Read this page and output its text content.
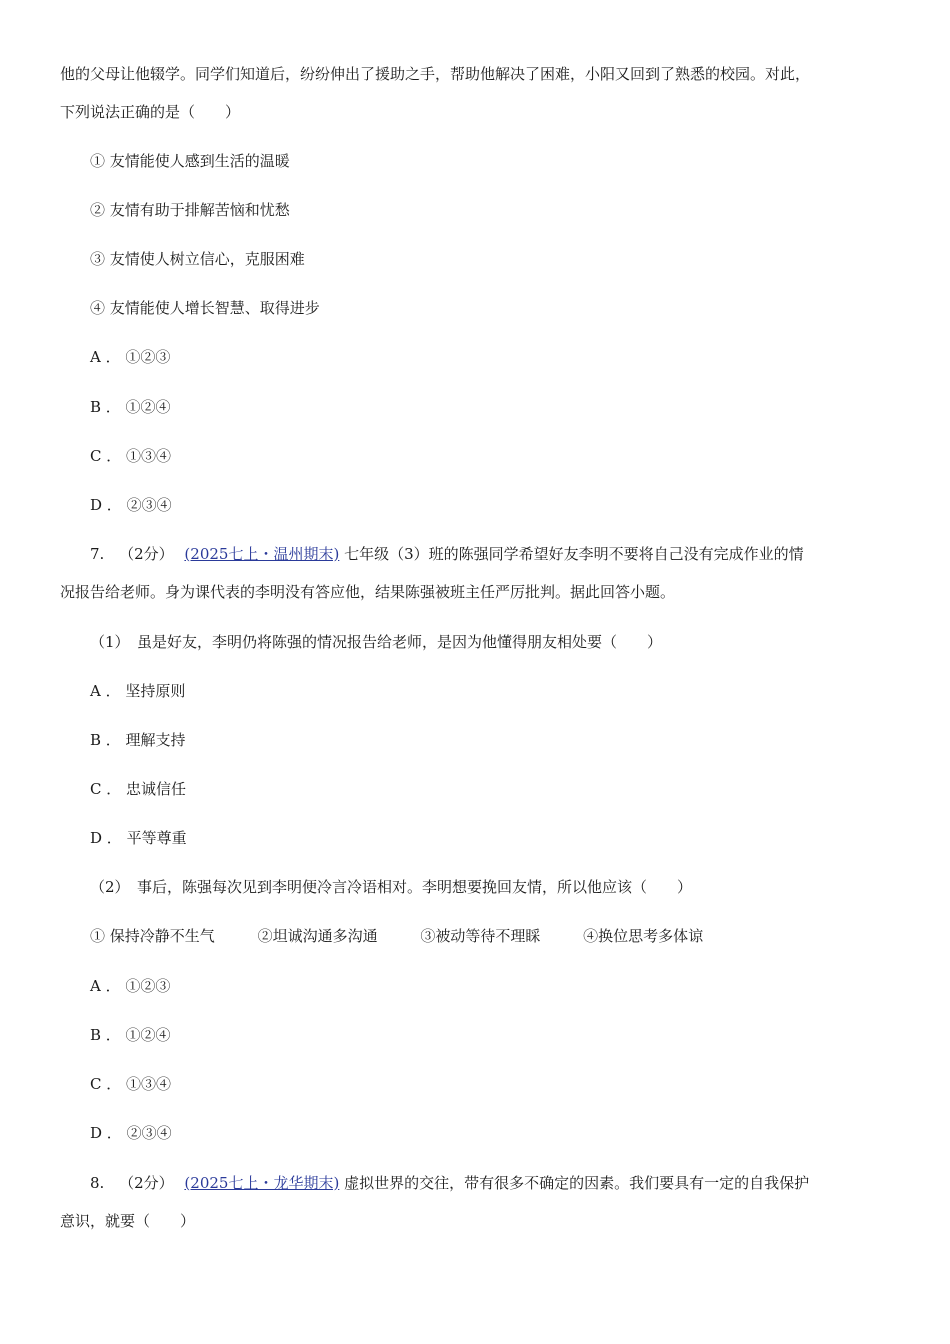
他的父母让他辍学。同学们知道后，纷纷伸出了援助之手，帮助他解决了困难，小阳又回到了熟悉的校园。对此，
下列说法正确的是（　　）
① 友情能使人感到生活的温暖
② 友情有助于排解苦恼和忧愁
③ 友情使人树立信心，克服困难
④ 友情能使人增长智慧、取得进步
A ． ①②③
B ． ①②④
C ． ①③④
D ． ②③④
7. （2分） (2025七上・温州期末) 七年级（3）班的陈强同学希望好友李明不要将自己没有完成作业的情
况报告给老师。身为课代表的李明没有答应他，结果陈强被班主任严厉批判。据此回答小题。
（1）　虽是好友，李明仍将陈强的情况报告给老师，是因为他懂得朋友相处要（　　）
A ． 坚持原则
B ． 理解支持
C ． 忠诚信任
D ． 平等尊重
（2）　事后，陈强每次见到李明便冷言冷语相对。李明想要挽回友情，所以他应该（　　）
① 保持冷静不生气	②坦诚沟通多沟通	③被动等待不理睬	④换位思考多体谅
A ． ①②③
B ． ①②④
C ． ①③④
D ． ②③④
8. （2分） (2025七上・龙华期末) 虚拟世界的交往，带有很多不确定的因素。我们要具有一定的自我保护
意识，就要（　　）
